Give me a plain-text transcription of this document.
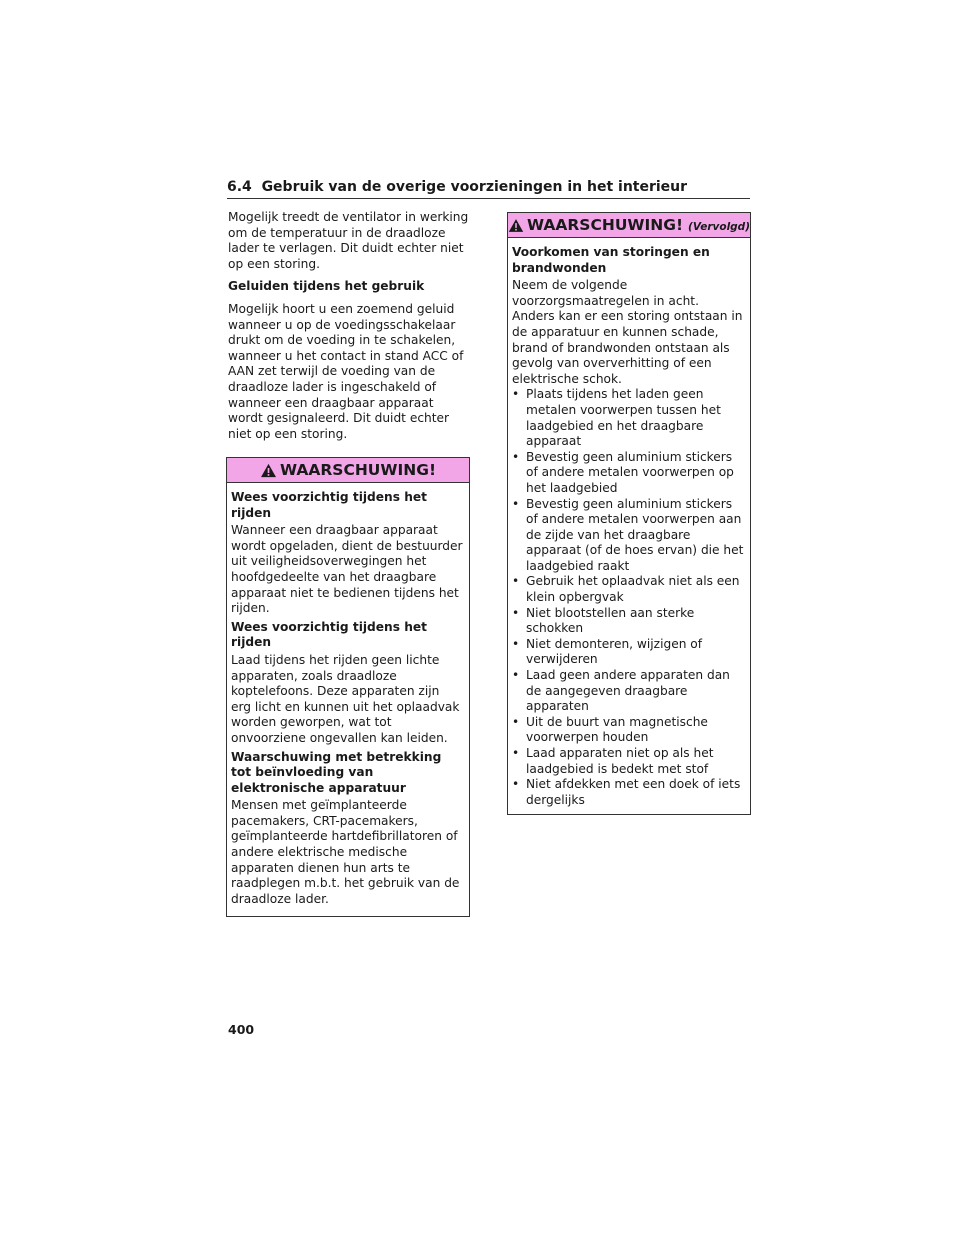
6.4 Gebruik van de overige voorzieningen in het interieur

Mogelijk treedt de ventilator in werking om de temperatuur in de draadloze lader te verlagen. Dit duidt echter niet op een storing.

Geluiden tijdens het gebruik

Mogelijk hoort u een zoemend geluid wanneer u op de voedingsschakelaar drukt om de voeding in te schakelen, wanneer u het contact in stand ACC of AAN zet terwijl de voeding van de draadloze lader is ingeschakeld of wanneer een draagbaar apparaat wordt gesignaleerd. Dit duidt echter niet op een storing.

WAARSCHUWING!

Wees voorzichtig tijdens het rijden

Wanneer een draagbaar apparaat wordt opgeladen, dient de bestuurder uit veiligheidsoverwegingen het hoofdgedeelte van het draagbare apparaat niet te bedienen tijdens het rijden.

Wees voorzichtig tijdens het rijden

Laad tijdens het rijden geen lichte apparaten, zoals draadloze koptelefoons. Deze apparaten zijn erg licht en kunnen uit het oplaadvak worden geworpen, wat tot onvoorziene ongevallen kan leiden.

Waarschuwing met betrekking tot beïnvloeding van elektronische apparatuur

Mensen met geïmplanteerde pacemakers, CRT-pacemakers, geïmplanteerde hartdefibrillatoren of andere elektrische medische apparaten dienen hun arts te raadplegen m.b.t. het gebruik van de draadloze lader.

WAARSCHUWING! (Vervolgd)

Voorkomen van storingen en brandwonden

Neem de volgende voorzorgsmaatregelen in acht. Anders kan er een storing ontstaan in de apparatuur en kunnen schade, brand of brandwonden ontstaan als gevolg van oververhitting of een elektrische schok.

• Plaats tijdens het laden geen metalen voorwerpen tussen het laadgebied en het draagbare apparaat
• Bevestig geen aluminium stickers of andere metalen voorwerpen op het laadgebied
• Bevestig geen aluminium stickers of andere metalen voorwerpen aan de zijde van het draagbare apparaat (of de hoes ervan) die het laadgebied raakt
• Gebruik het oplaadvak niet als een klein opbergvak
• Niet blootstellen aan sterke schokken
• Niet demonteren, wijzigen of verwijderen
• Laad geen andere apparaten dan de aangegeven draagbare apparaten
• Uit de buurt van magnetische voorwerpen houden
• Laad apparaten niet op als het laadgebied is bedekt met stof
• Niet afdekken met een doek of iets dergelijks
400
